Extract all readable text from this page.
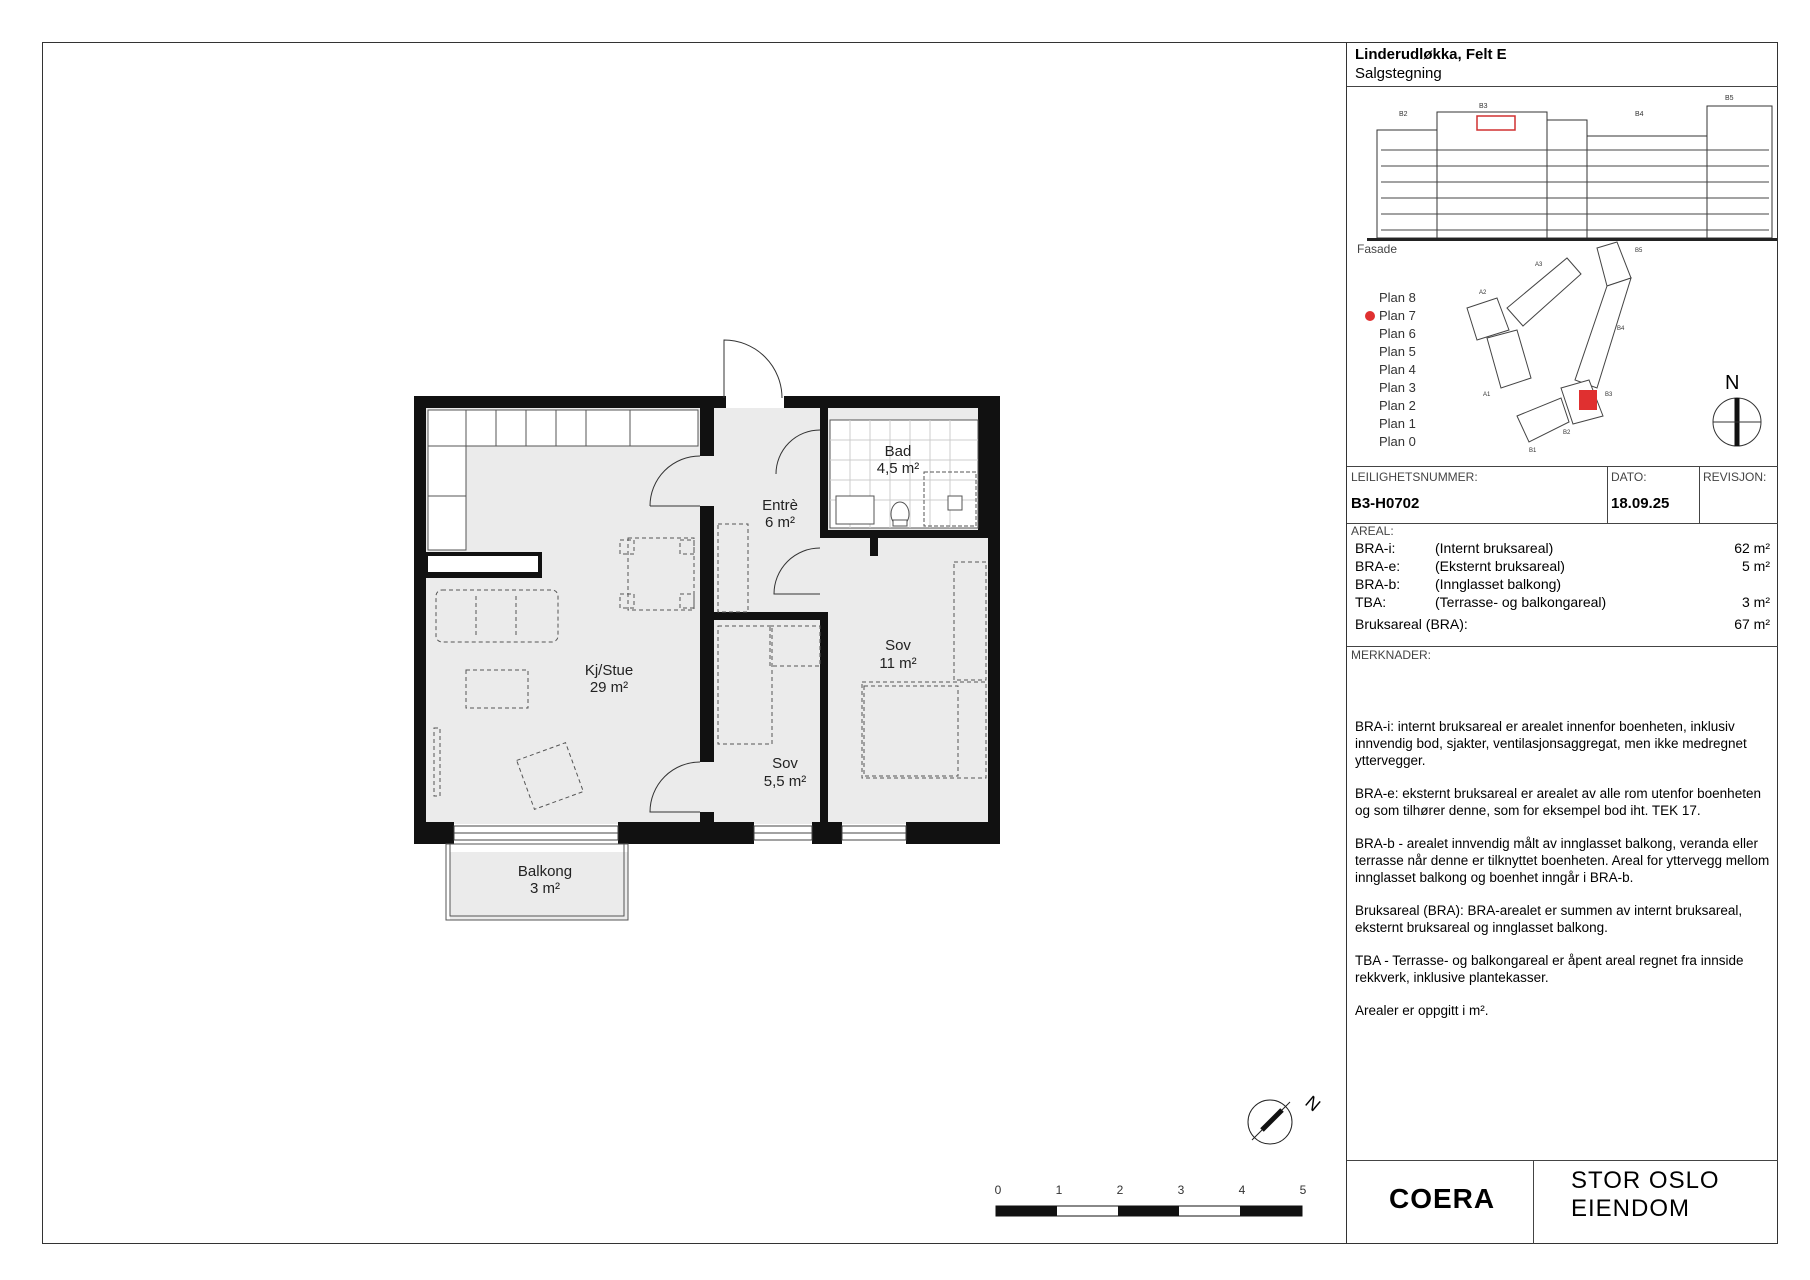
Kj/Stue
29 m²
Entrè
6 m²
Bad
4,5 m²
Sov
11 m²
Sov
5,5 m²
Balkong
3 m²
N
0	1	2	3	4	5
Linderudløkka, Felt E
Salgstegning
B2
B3
B4
B5
Fasade
Plan 8
Plan 7
Plan 6
Plan 5
Plan 4
Plan 3
Plan 2
Plan 1
Plan 0
A3
A2
A1
B5
B4
B3
B2
B1
N
LEILIGHETSNUMMER:
B3-H0702
DATO:
18.09.25
REVISJON:
AREAL:
BRA-i:	(Internt bruksareal)	62 m²
BRA-e: (Eksternt bruksareal)	5 m²
BRA-b: (Innglasset balkong)
TBA:	(Terrasse- og balkongareal)	3 m²
Bruksareal (BRA):	67 m²
MERKNADER:

BRA-i: internt bruksareal er arealet innenfor boenheten, inklusiv innvendig bod, sjakter, ventilasjonsaggregat, men ikke medregnet yttervegger.

BRA-e: eksternt bruksareal er arealet av alle rom utenfor boenheten og som tilhører denne, som for eksempel bod iht. TEK 17.

BRA-b - arealet innvendig målt av innglasset balkong, veranda eller terrasse når denne er tilknyttet boenheten. Areal for yttervegg mellom innglasset balkong og boenhet inngår i BRA-b.

Bruksareal (BRA): BRA-arealet er summen av internt bruksareal, eksternt bruksareal og innglasset balkong.

TBA - Terrasse- og balkongareal er åpent areal regnet fra innside rekkverk, inklusive plantekasser.

Arealer er oppgitt i m².

COERA
STOR OSLO
EIENDOM
